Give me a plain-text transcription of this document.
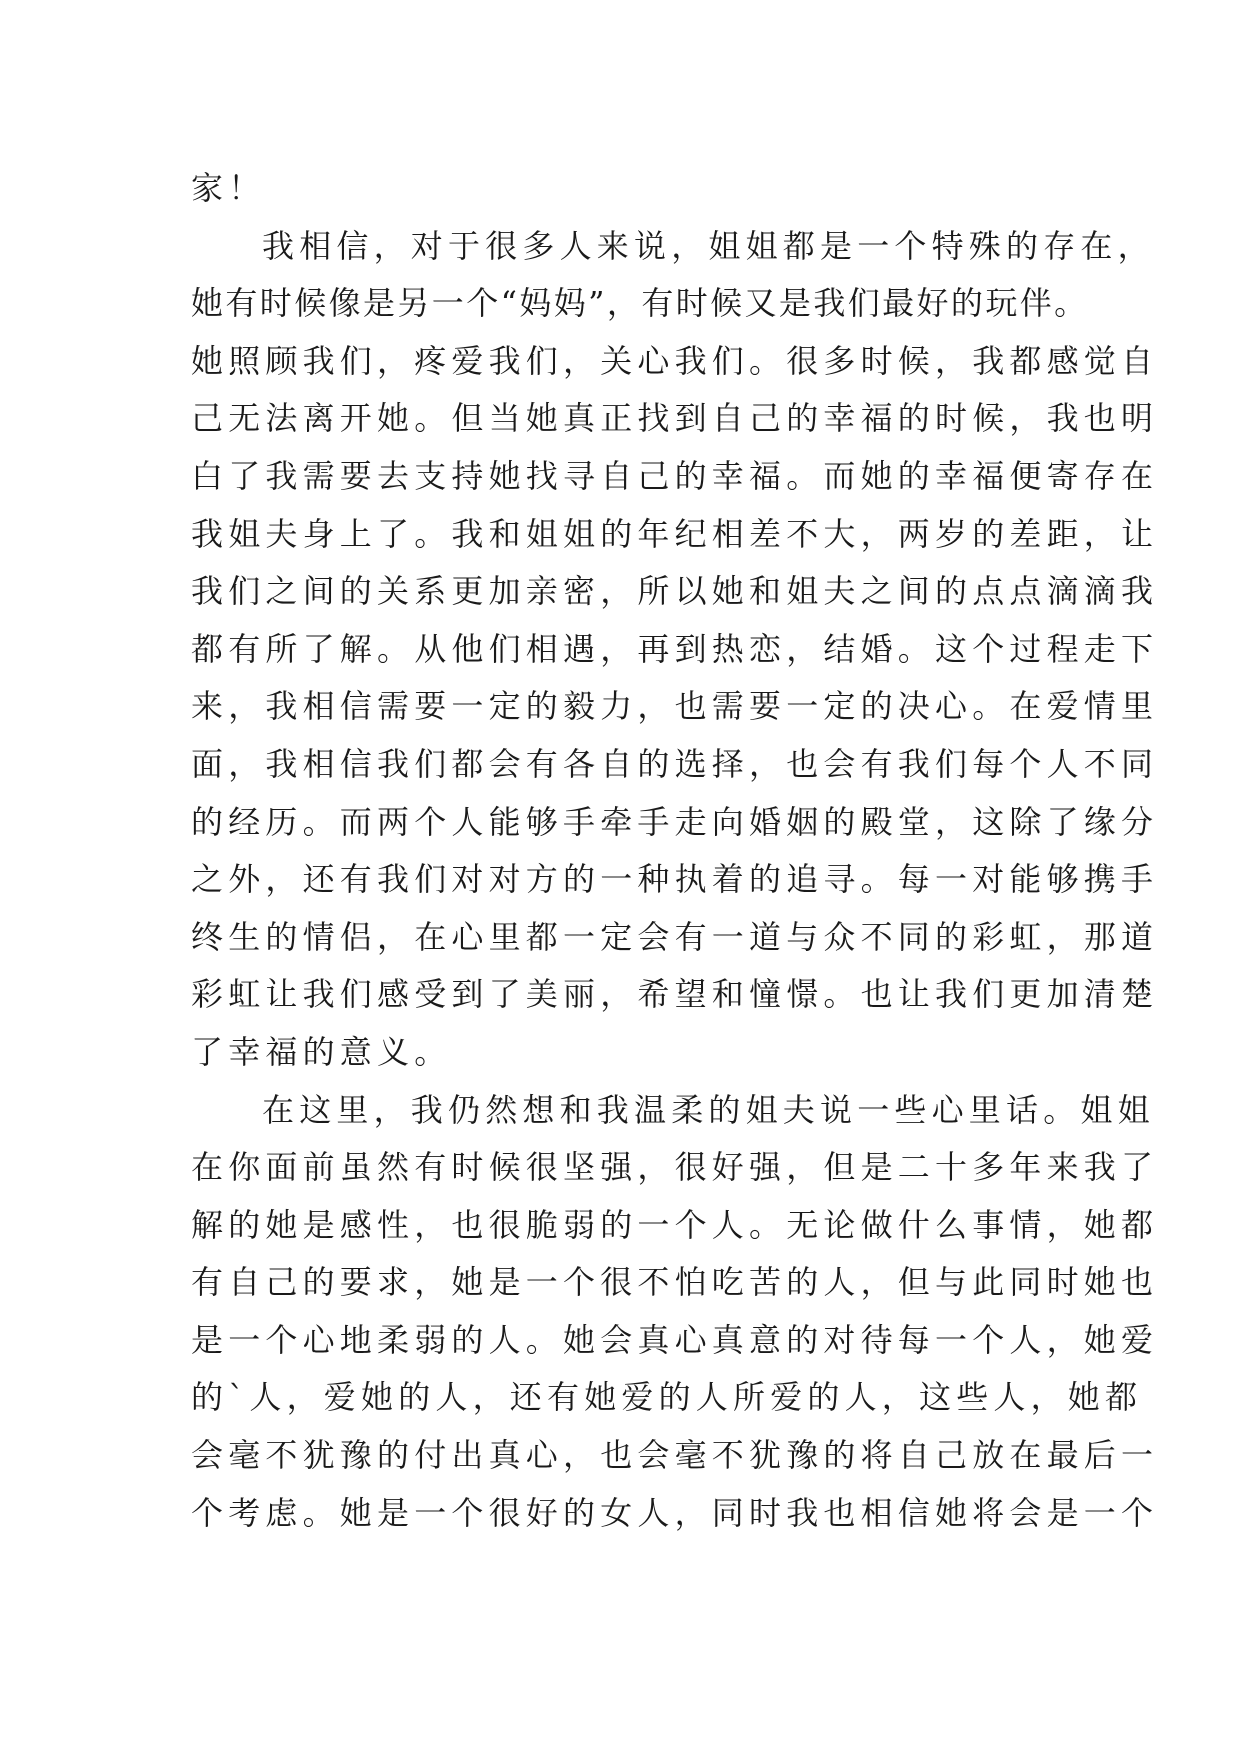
家！
我相信，对于很多人来说，姐姐都是一个特殊的存在，
她有时候像是另一个“妈妈”，有时候又是我们最好的玩伴。
她照顾我们，疼爱我们，关心我们。很多时候，我都感觉自
己无法离开她。但当她真正找到自己的幸福的时候，我也明
白了我需要去支持她找寻自己的幸福。而她的幸福便寄存在
我姐夫身上了。我和姐姐的年纪相差不大，两岁的差距，让
我们之间的关系更加亲密，所以她和姐夫之间的点点滴滴我
都有所了解。从他们相遇，再到热恋，结婚。这个过程走下
来，我相信需要一定的毅力，也需要一定的决心。在爱情里
面，我相信我们都会有各自的选择，也会有我们每个人不同
的经历。而两个人能够手牵手走向婚姻的殿堂，这除了缘分
之外，还有我们对对方的一种执着的追寻。每一对能够携手
终生的情侣，在心里都一定会有一道与众不同的彩虹，那道
彩虹让我们感受到了美丽，希望和憧憬。也让我们更加清楚
了幸福的意义。
在这里，我仍然想和我温柔的姐夫说一些心里话。姐姐
在你面前虽然有时候很坚强，很好强，但是二十多年来我了
解的她是感性，也很脆弱的一个人。无论做什么事情，她都
有自己的要求，她是一个很不怕吃苦的人，但与此同时她也
是一个心地柔弱的人。她会真心真意的对待每一个人，她爱
的`人，爱她的人，还有她爱的人所爱的人，这些人，她都
会毫不犹豫的付出真心，也会毫不犹豫的将自己放在最后一
个考虑。她是一个很好的女人，同时我也相信她将会是一个
